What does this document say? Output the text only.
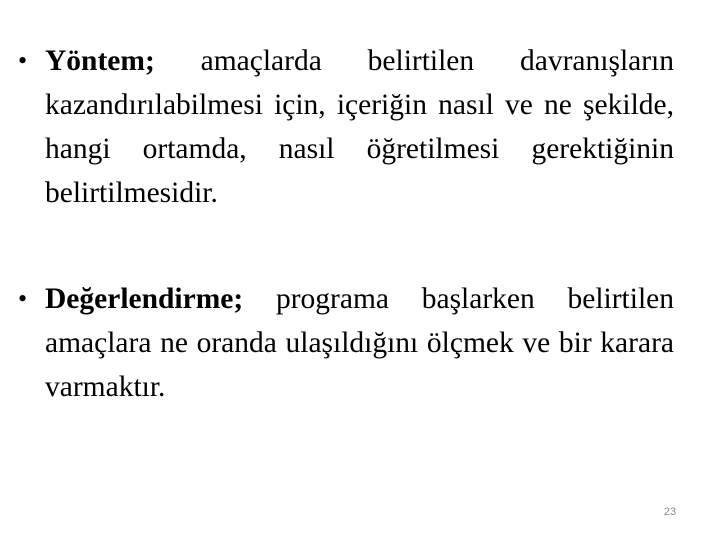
• Yöntem; amaçlarda belirtilen davranışların kazandırılabilmesi için, içeriğin nasıl ve ne şekilde, hangi ortamda, nasıl öğretilmesi gerektiğinin belirtilmesidir.
• Değerlendirme; programa başlarken belirtilen amaçlara ne oranda ulaşıldığını ölçmek ve bir karara varmaktır.
23
